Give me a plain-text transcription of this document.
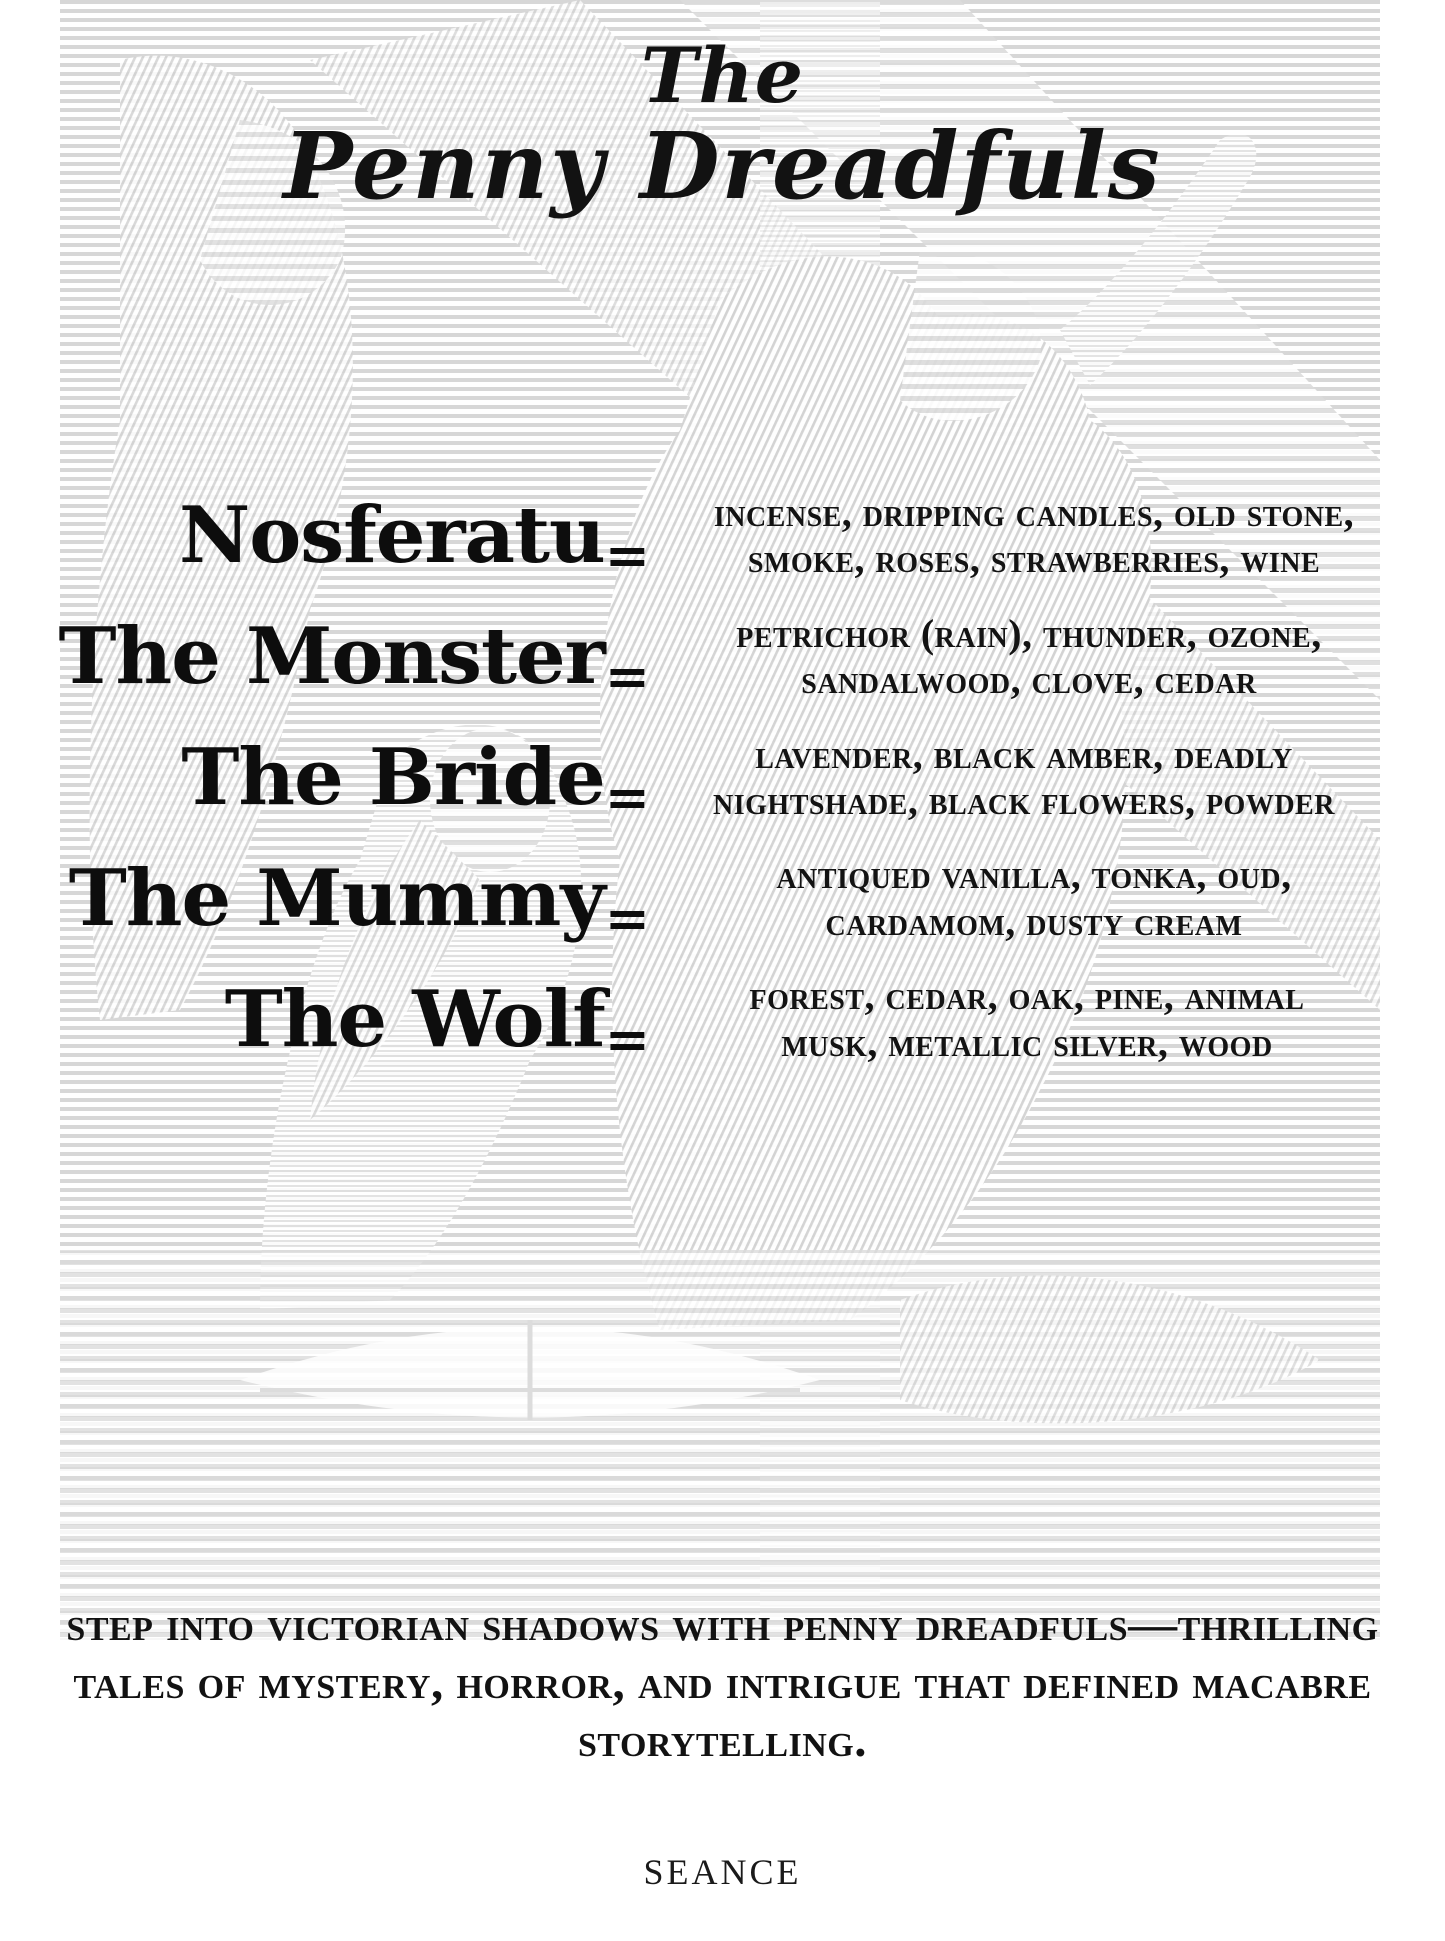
The
Penny Dreadfuls
Nosferatu=
incense, dripping candles, old stone, smoke, roses, strawberries, wine
The Monster=
petrichor (rain), thunder, ozone, sandalwood, clove, cedar
The Bride=
lavender, black amber, deadly nightshade, black flowers, powder
The Mummy=
antiqued vanilla, tonka, oud, cardamom, dusty cream
The Wolf=
forest, cedar, oak, pine, animal musk, metallic silver, wood
step into victorian shadows with penny dreadfuls—thrilling tales of mystery, horror, and intrigue that defined macabre storytelling.
seance
